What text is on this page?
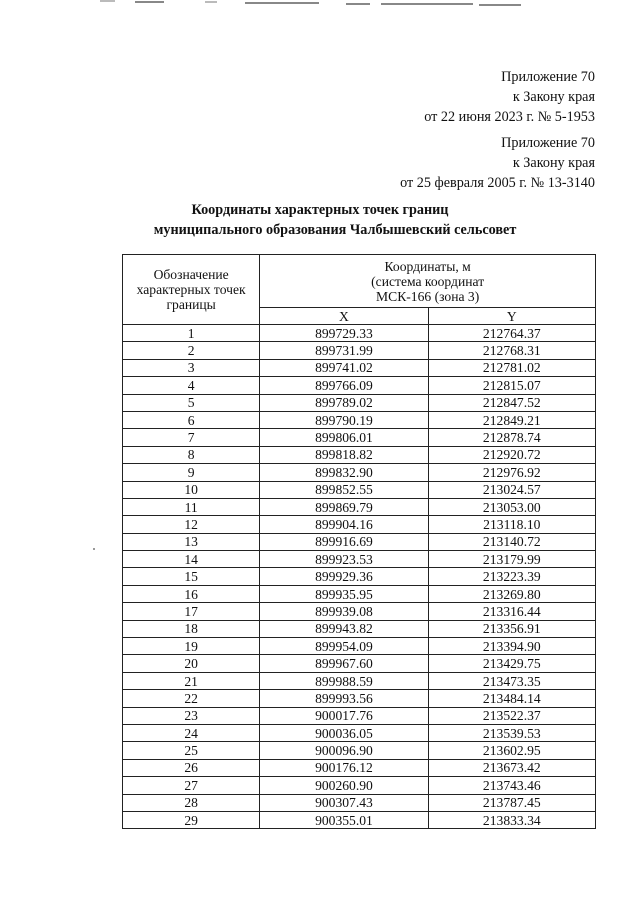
Приложение 70
к Закону края
от 22 июня 2023 г. № 5-1953
Приложение 70
к Закону края
от 25 февраля 2005 г. № 13-3140
Координаты характерных точек границ
муниципального образования Чалбышевский сельсовет
Обозначение характерных точек границы	Координаты, м
(система координат
МСК-166 (зона 3)	

	X	Y
1	899729.33	212764.37
2	899731.99	212768.31
3	899741.02	212781.02
4	899766.09	212815.07
5	899789.02	212847.52
6	899790.19	212849.21
7	899806.01	212878.74
8	899818.82	212920.72
9	899832.90	212976.92
10	899852.55	213024.57
11	899869.79	213053.00
12	899904.16	213118.10
13	899916.69	213140.72
14	899923.53	213179.99
15	899929.36	213223.39
16	899935.95	213269.80
17	899939.08	213316.44
18	899943.82	213356.91
19	899954.09	213394.90
20	899967.60	213429.75
21	899988.59	213473.35
22	899993.56	213484.14
23	900017.76	213522.37
24	900036.05	213539.53
25	900096.90	213602.95
26	900176.12	213673.42
27	900260.90	213743.46
28	900307.43	213787.45
29	900355.01	213833.34
